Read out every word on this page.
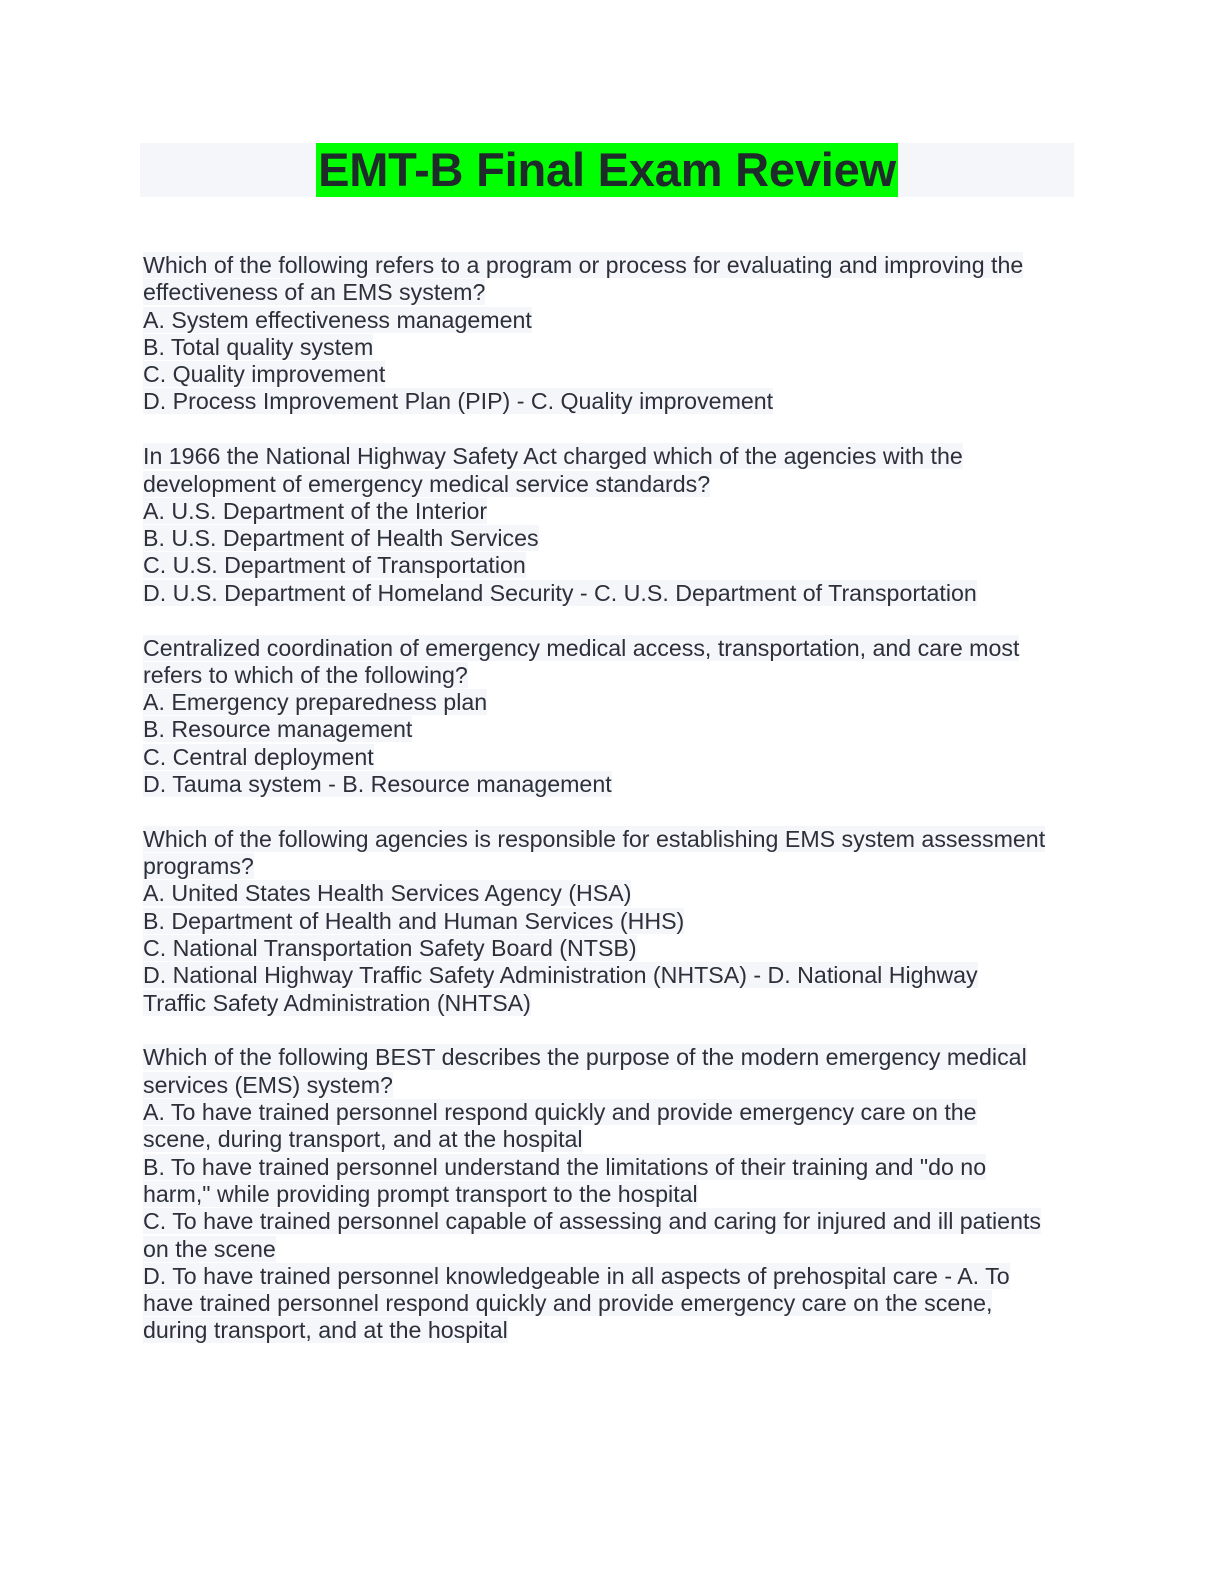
EMT-B Final Exam Review
Which of the following refers to a program or process for evaluating and improving the
effectiveness of an EMS system?
A. System effectiveness management
B. Total quality system
C. Quality improvement
D. Process Improvement Plan (PIP) - C. Quality improvement
In 1966 the National Highway Safety Act charged which of the agencies with the
development of emergency medical service standards?
A. U.S. Department of the Interior
B. U.S. Department of Health Services
C. U.S. Department of Transportation
D. U.S. Department of Homeland Security - C. U.S. Department of Transportation
Centralized coordination of emergency medical access, transportation, and care most
refers to which of the following?
A. Emergency preparedness plan
B. Resource management
C. Central deployment
D. Tauma system - B. Resource management
Which of the following agencies is responsible for establishing EMS system assessment
programs?
A. United States Health Services Agency (HSA)
B. Department of Health and Human Services (HHS)
C. National Transportation Safety Board (NTSB)
D. National Highway Traffic Safety Administration (NHTSA) - D. National Highway
Traffic Safety Administration (NHTSA)
Which of the following BEST describes the purpose of the modern emergency medical
services (EMS) system?
A. To have trained personnel respond quickly and provide emergency care on the
scene, during transport, and at the hospital
B. To have trained personnel understand the limitations of their training and "do no
harm," while providing prompt transport to the hospital
C. To have trained personnel capable of assessing and caring for injured and ill patients
on the scene
D. To have trained personnel knowledgeable in all aspects of prehospital care - A. To
have trained personnel respond quickly and provide emergency care on the scene,
during transport, and at the hospital
